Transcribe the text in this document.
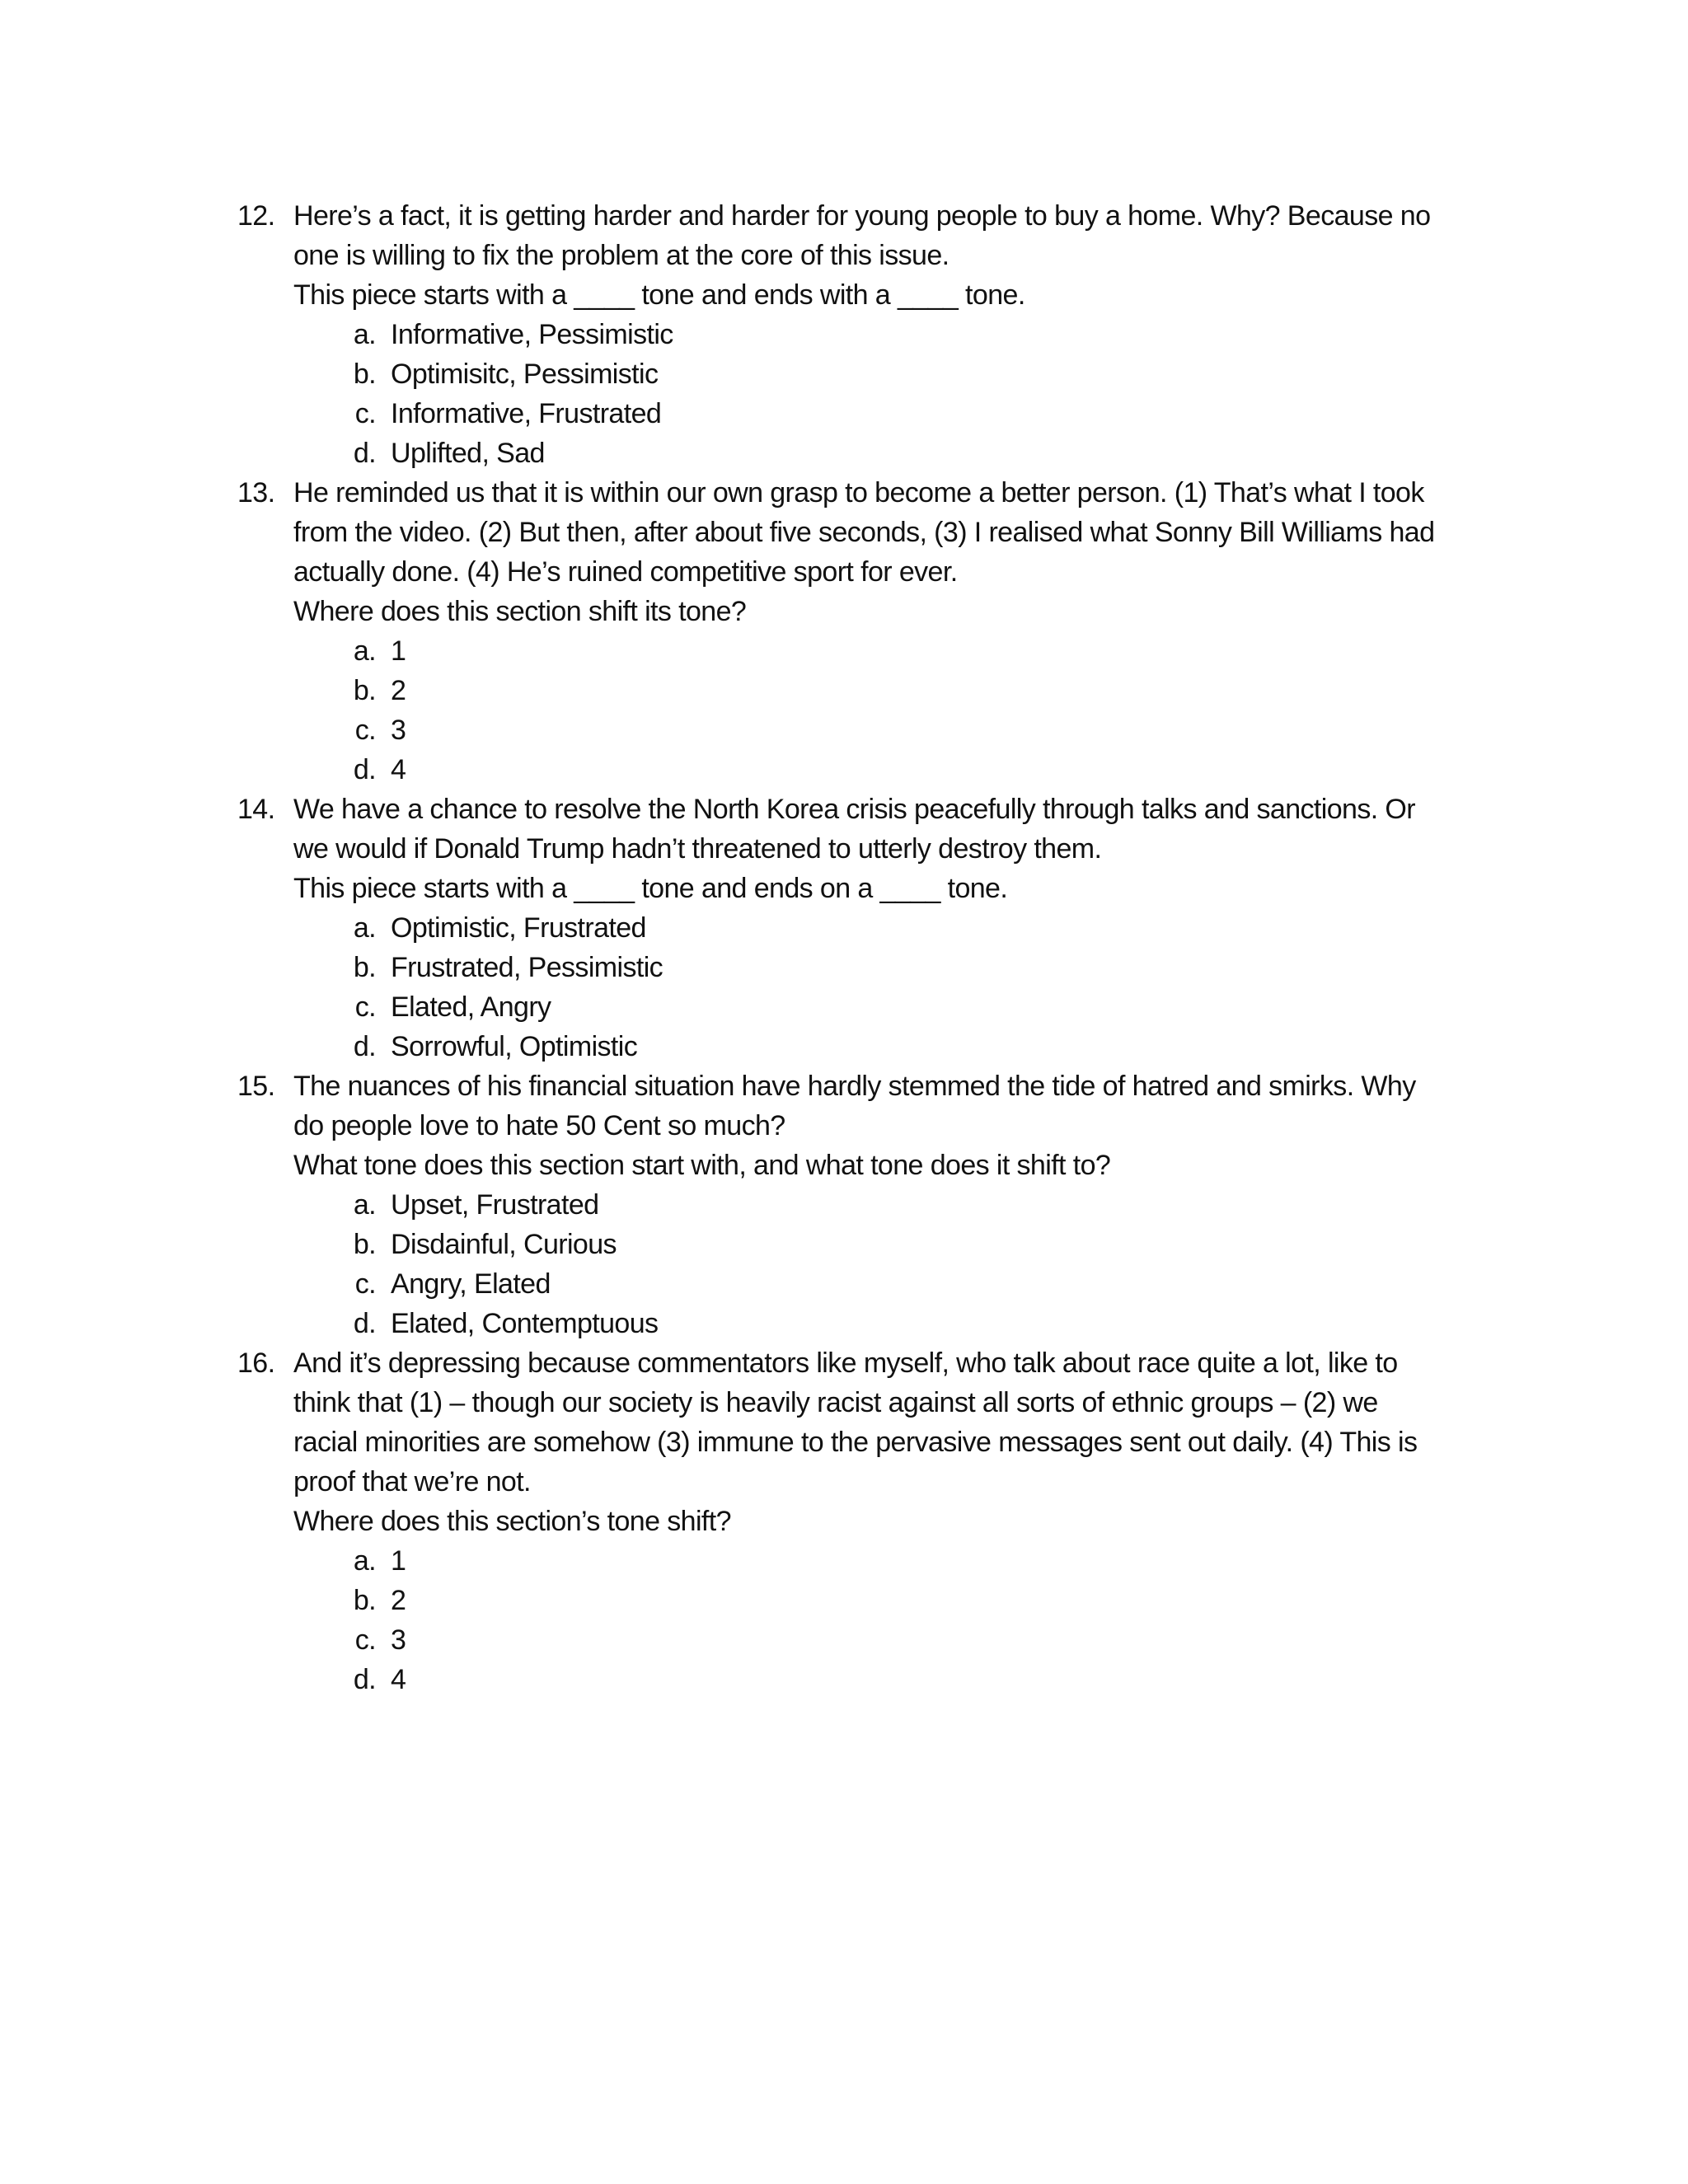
12. Here’s a fact, it is getting harder and harder for young people to buy a home. Why? Because no
one is willing to fix the problem at the core of this issue.
This piece starts with a ____ tone and ends with a ____ tone.
a. Informative, Pessimistic
b. Optimisitc, Pessimistic
c. Informative, Frustrated
d. Uplifted, Sad
13. He reminded us that it is within our own grasp to become a better person. (1) That’s what I took
from the video. (2) But then, after about five seconds, (3) I realised what Sonny Bill Williams had
actually done. (4) He’s ruined competitive sport for ever.
Where does this section shift its tone?
a. 1
b. 2
c. 3
d. 4
14. We have a chance to resolve the North Korea crisis peacefully through talks and sanctions. Or
we would if Donald Trump hadn’t threatened to utterly destroy them.
This piece starts with a ____ tone and ends on a ____ tone.
a. Optimistic, Frustrated
b. Frustrated, Pessimistic
c. Elated, Angry
d. Sorrowful, Optimistic
15. The nuances of his financial situation have hardly stemmed the tide of hatred and smirks. Why
do people love to hate 50 Cent so much?
What tone does this section start with, and what tone does it shift to?
a. Upset, Frustrated
b. Disdainful, Curious
c. Angry, Elated
d. Elated, Contemptuous
16. And it’s depressing because commentators like myself, who talk about race quite a lot, like to
think that (1) – though our society is heavily racist against all sorts of ethnic groups – (2) we
racial minorities are somehow (3) immune to the pervasive messages sent out daily. (4) This is
proof that we’re not.
Where does this section’s tone shift?
a. 1
b. 2
c. 3
d. 4
